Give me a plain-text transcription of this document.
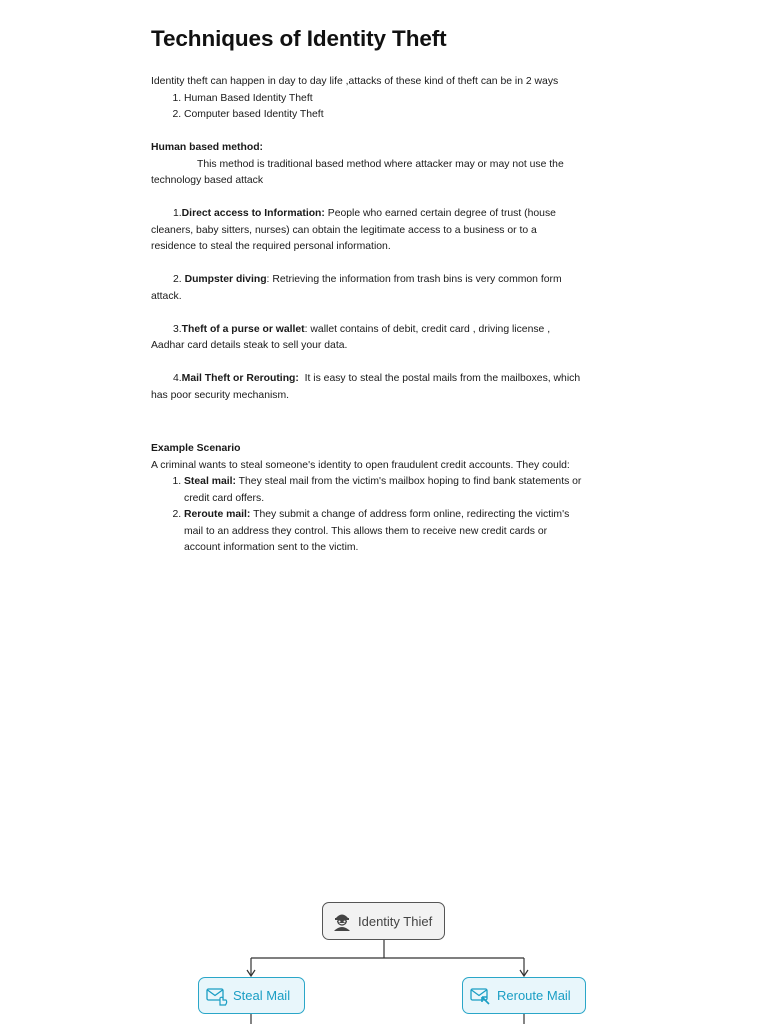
Techniques of Identity Theft

Identity theft can happen in day to day life ,attacks of these kind of theft can be in 2 ways

1. Human Based Identity Theft
2. Computer based Identity Theft

Human based method:

This method is traditional based method where attacker may or may not use the

technology based attack

1.Direct access to Information: People who earned certain degree of trust (house

cleaners, baby sitters, nurses) can obtain the legitimate access to a business or to a

residence to steal the required personal information.

2. Dumpster diving: Retrieving the information from trash bins is very common form

attack.

3.Theft of a purse or wallet: wallet contains of debit, credit card , driving license ,

Aadhar card details steak to sell your data.

4.Mail Theft or Rerouting:  It is easy to steal the postal mails from the mailboxes, which

has poor security mechanism.

Example Scenario

A criminal wants to steal someone's identity to open fraudulent credit accounts. They could:

1. Steal mail: They steal mail from the victim's mailbox hoping to find bank statements or
credit card offers.
2. Reroute mail: They submit a change of address form online, redirecting the victim's
mail to an address they control. This allows them to receive new credit cards or
account information sent to the victim.
Identity Thief
Steal Mail	Reroute Mail
